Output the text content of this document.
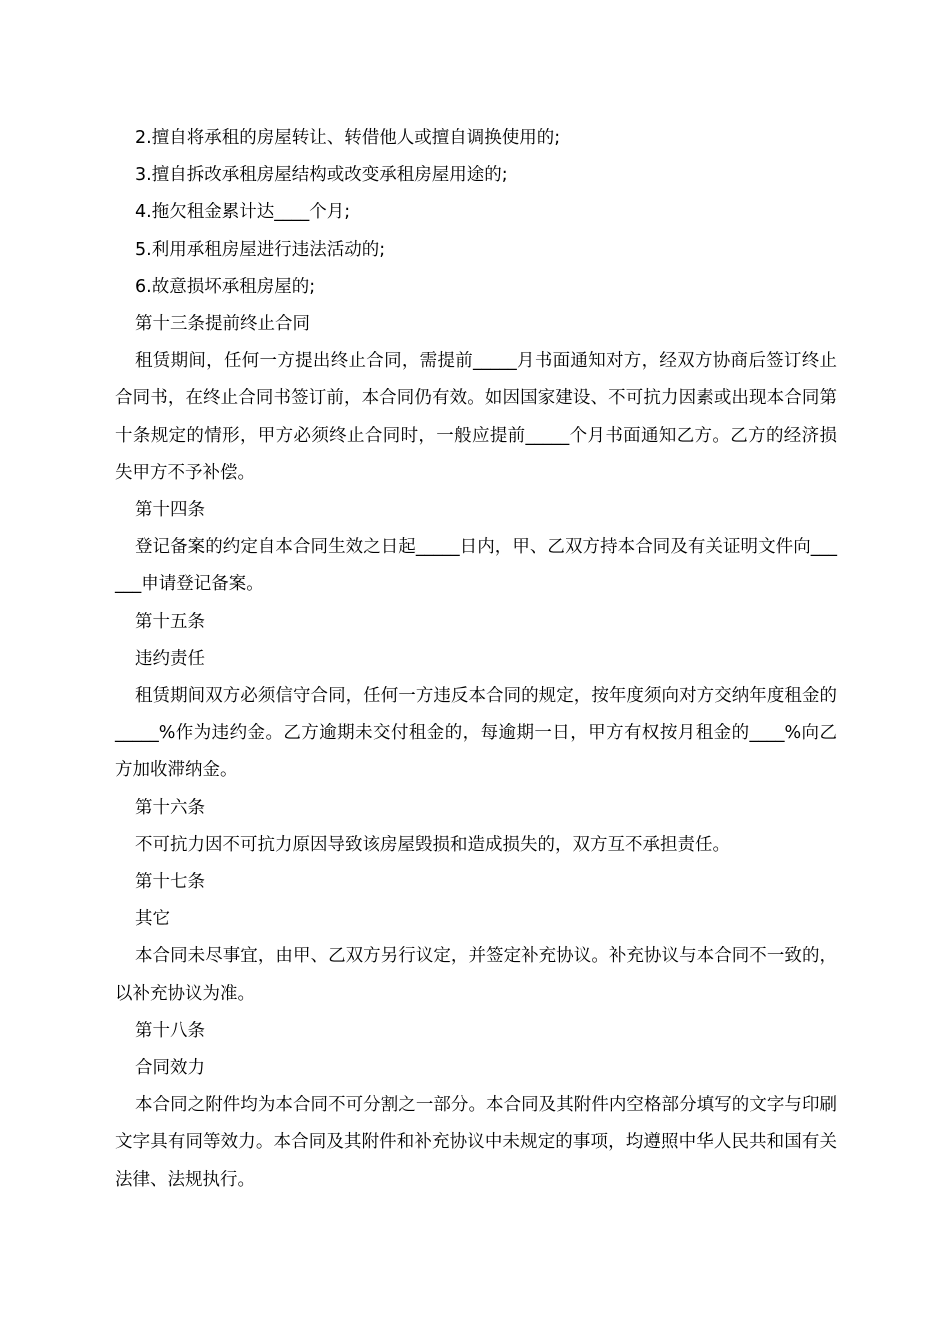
2.擅自将承租的房屋转让、转借他人或擅自调换使用的;

3.擅自拆改承租房屋结构或改变承租房屋用途的;

4.拖欠租金累计达____个月;

5.利用承租房屋进行违法活动的;

6.故意损坏承租房屋的;

第十三条提前终止合同

租赁期间，任何一方提出终止合同，需提前_____月书面通知对方，经双方协商后签订终止合同书，在终止合同书签订前，本合同仍有效。如因国家建设、不可抗力因素或出现本合同第十条规定的情形，甲方必须终止合同时，一般应提前_____个月书面通知乙方。乙方的经济损失甲方不予补偿。

第十四条

登记备案的约定自本合同生效之日起_____日内，甲、乙双方持本合同及有关证明文件向______申请登记备案。

第十五条

违约责任

租赁期间双方必须信守合同，任何一方违反本合同的规定，按年度须向对方交纳年度租金的_____%作为违约金。乙方逾期未交付租金的，每逾期一日，甲方有权按月租金的____%向乙方加收滞纳金。

第十六条

不可抗力因不可抗力原因导致该房屋毁损和造成损失的，双方互不承担责任。

第十七条

其它

本合同未尽事宜，由甲、乙双方另行议定，并签定补充协议。补充协议与本合同不一致的，以补充协议为准。

第十八条

合同效力

本合同之附件均为本合同不可分割之一部分。本合同及其附件内空格部分填写的文字与印刷文字具有同等效力。本合同及其附件和补充协议中未规定的事项，均遵照中华人民共和国有关法律、法规执行。
